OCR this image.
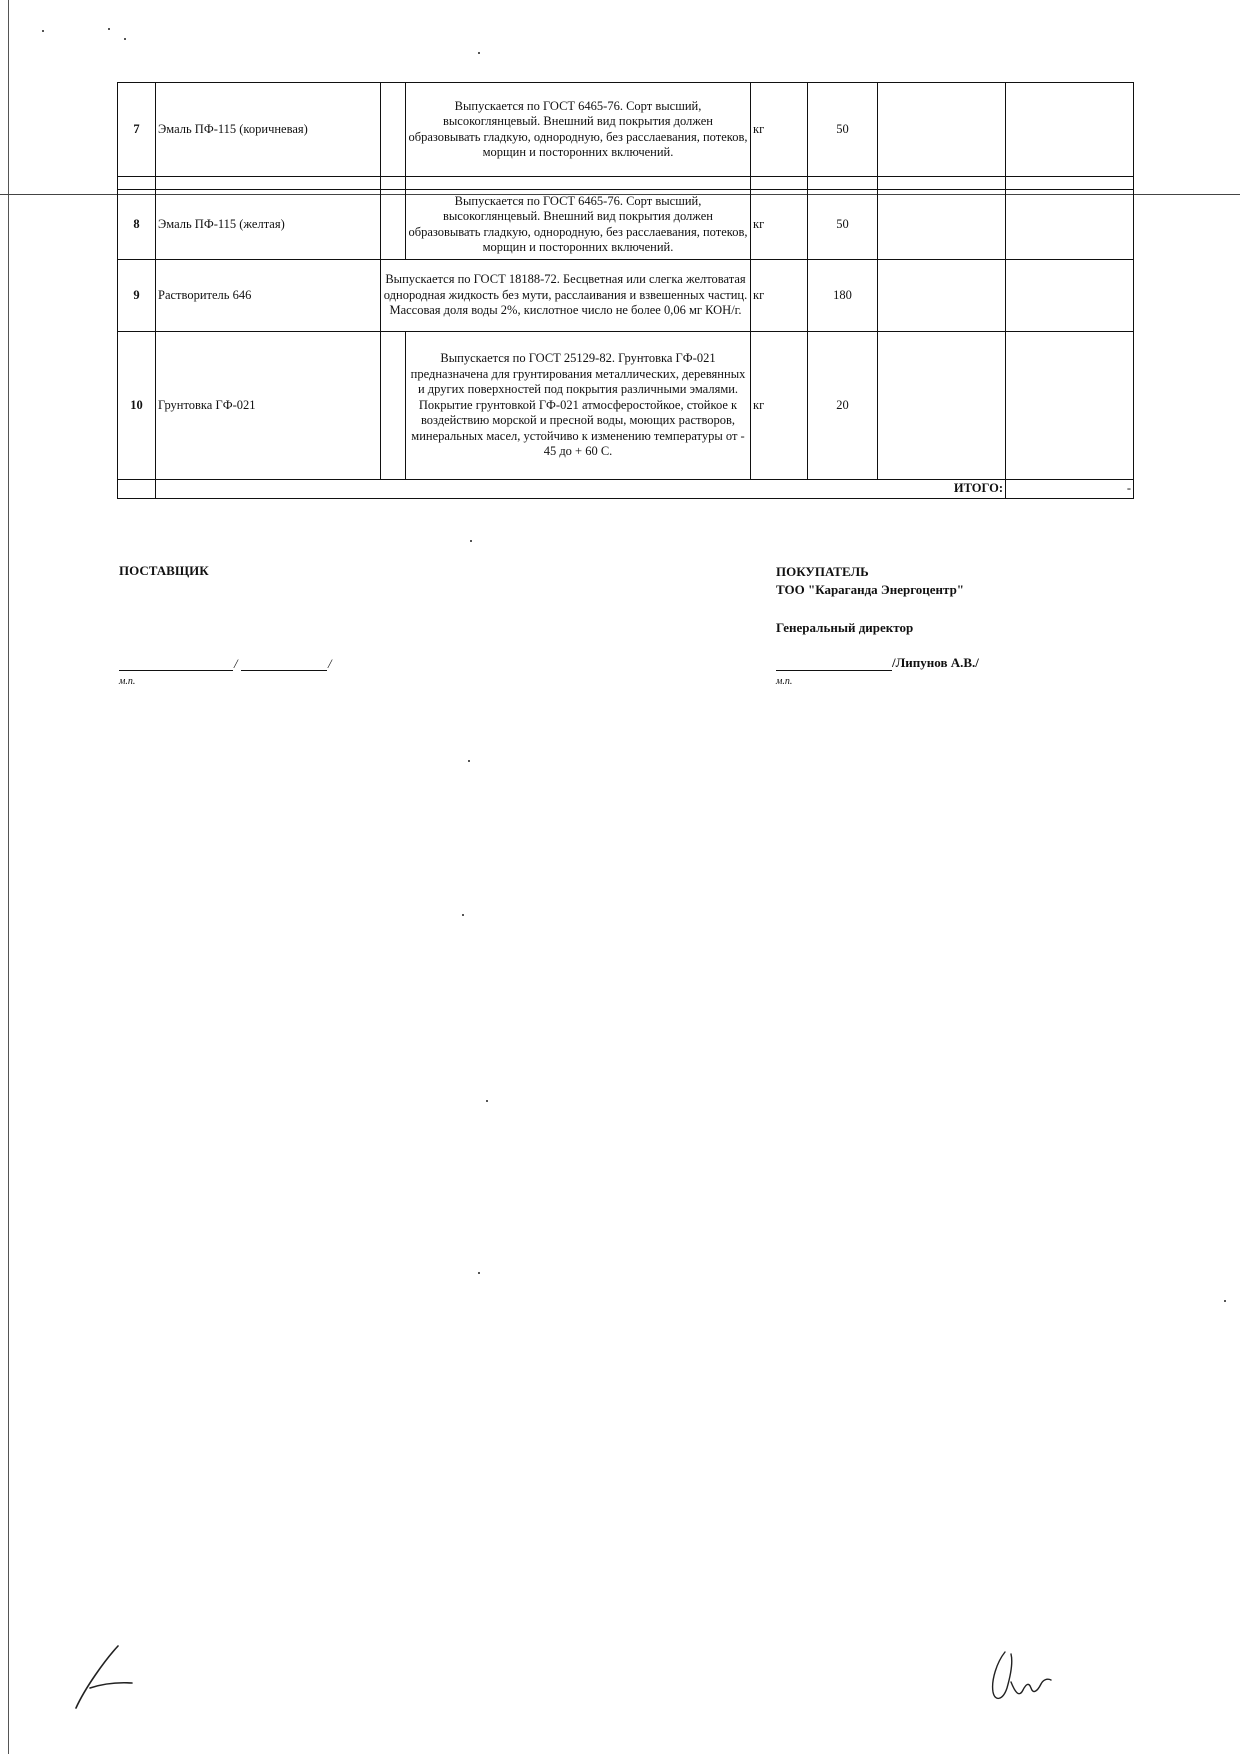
7	Эмаль ПФ-115 (коричневая)		Выпускается по ГОСТ 6465-76. Сорт высший, высокоглянцевый. Внешний вид покрытия должен образовывать гладкую, однородную, без расслаевания, потеков, морщин и посторонних включений.	кг	50		

8	Эмаль ПФ-115 (желтая)		Выпускается по ГОСТ 6465-76. Сорт высший, высокоглянцевый. Внешний вид покрытия должен образовывать гладкую, однородную, без расслаевания, потеков, морщин и посторонних включений.	кг	50		
9	Растворитель 646	Выпускается по ГОСТ 18188-72. Бесцветная или слегка желтоватая однородная жидкость без мути, расслаивания и взвешенных частиц. Массовая доля воды 2%, кислотное число не более 0,06 мг КОН/г.		кг	180		
10	Грунтовка ГФ-021		Выпускается по ГОСТ 25129-82. Грунтовка ГФ-021 предназначена для грунтирования металлических, деревянных и других поверхностей под покрытия различными эмалями. Покрытие грунтовкой ГФ-021 атмосферостойкое, стойкое к воздействию морской и пресной воды, моющих растворов, минеральных масел, устойчиво к изменению температуры от - 45 до + 60 С.	кг	20		
	ИТОГО:						-
ПОСТАВЩИК
/	/
м.п.
ПОКУПАТЕЛЬ
ТОО "Караганда Энергоцентр"
Генеральный директор
/Липунов А.В./
м.п.
